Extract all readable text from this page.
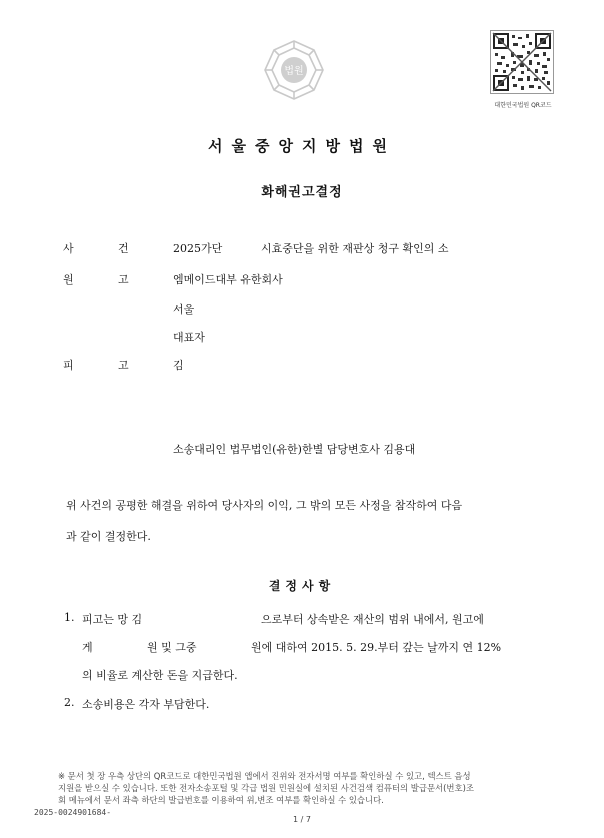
법원
대한민국법원 QR코드
서울중앙지방법원
화해권고결정
사	건	2025가단	시효중단을 위한 재판상 청구 확인의 소
원	고	엠메이드대부 유한회사
서울
대표자
피	고	김
소송대리인 법무법인(유한)한별 담당변호사 김용대
위 사건의 공평한 해결을 위하여 당사자의 이익, 그 밖의 모든 사정을 참작하여 다음
과 같이 결정한다.
결정사항
1. 피고는 망 김	으로부터 상속받은 재산의 범위 내에서, 원고에
게	원 및 그중	원에 대하여 2015. 5. 29.부터 갚는 날까지 연 12%
의 비율로 계산한 돈을 지급한다.
2. 소송비용은 각자 부담한다.
※ 문서 첫 장 우측 상단의 QR코드로 대한민국법원 앱에서 진위와 전자서명 여부를 확인하실 수 있고, 텍스트 음성
지원을 받으실 수 있습니다. 또한 전자소송포털 및 각급 법원 민원실에 설치된 사건검색 컴퓨터의 발급문서(번호)조
회 메뉴에서 문서 좌측 하단의 발급번호를 이용하여 위,변조 여부를 확인하실 수 있습니다.
2025-0024901684-
1 / 7
